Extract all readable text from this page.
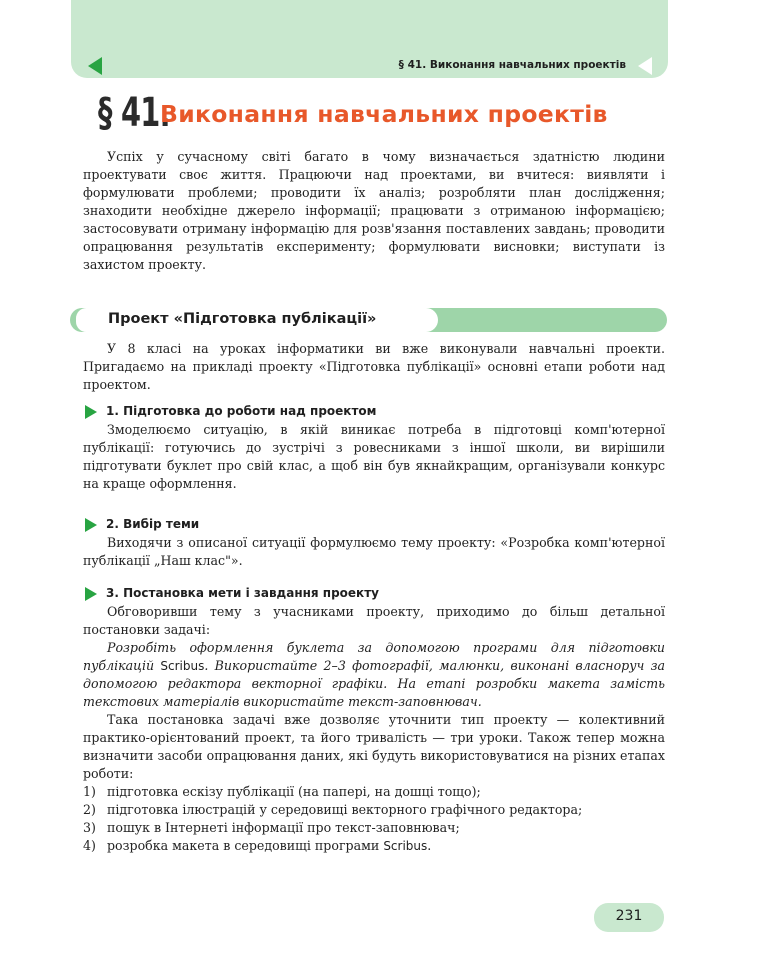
§ 41. Виконання навчальних проектів
§ 41.
Виконання навчальних проектів

Успіх у сучасному світі багато в чому визначається здатністю людини проектувати своє життя. Працюючи над проектами, ви вчитеся: виявляти і формулювати проблеми; проводити їх аналіз; розробляти план дослідження; знаходити необхідне джерело інформації; працювати з отриманою інформацією; застосовувати отриману інформацію для розв'язання поставлених завдань; проводити опрацювання результатів експерименту; формулювати висновки; виступати із захистом проекту.

Проект «Підготовка публікації»

У 8 класі на уроках інформатики ви вже виконували навчальні проекти. Пригадаємо на прикладі проекту «Підготовка публікації» основні етапи роботи над проектом.

1. Підготовка до роботи над проектом

Змоделюємо ситуацію, в якій виникає потреба в підготовці комп'ютерної публікації: готуючись до зустрічі з ровесниками з іншої школи, ви вирішили підготувати буклет про свій клас, а щоб він був якнайкращим, організували конкурс на краще оформлення.

2. Вибір теми

Виходячи з описаної ситуації формулюємо тему проекту: «Розробка комп'ютерної публікації „Наш клас"».

3. Постановка мети і завдання проекту

Обговоривши тему з учасниками проекту, приходимо до більш детальної постановки задачі:

Розробіть оформлення буклета за допомогою програми для підготовки публікацій Scribus. Використайте 2–3 фотографії, малюнки, виконані власноруч за допомогою редактора векторної графіки. На етапі розробки макета замість текстових матеріалів використайте текст-заповнювач.

Така постановка задачі вже дозволяє уточнити тип проекту — колективний практико-орієнтований проект, та його тривалість — три уроки. Також тепер можна визначити засоби опрацювання даних, які будуть використовуватися на різних етапах роботи:

1) підготовка ескізу публікації (на папері, на дошці тощо);
2) підготовка ілюстрацій у середовищі векторного графічного редактора;
3) пошук в Інтернеті інформації про текст-заповнювач;
4) розробка макета в середовищі програми Scribus.
231
